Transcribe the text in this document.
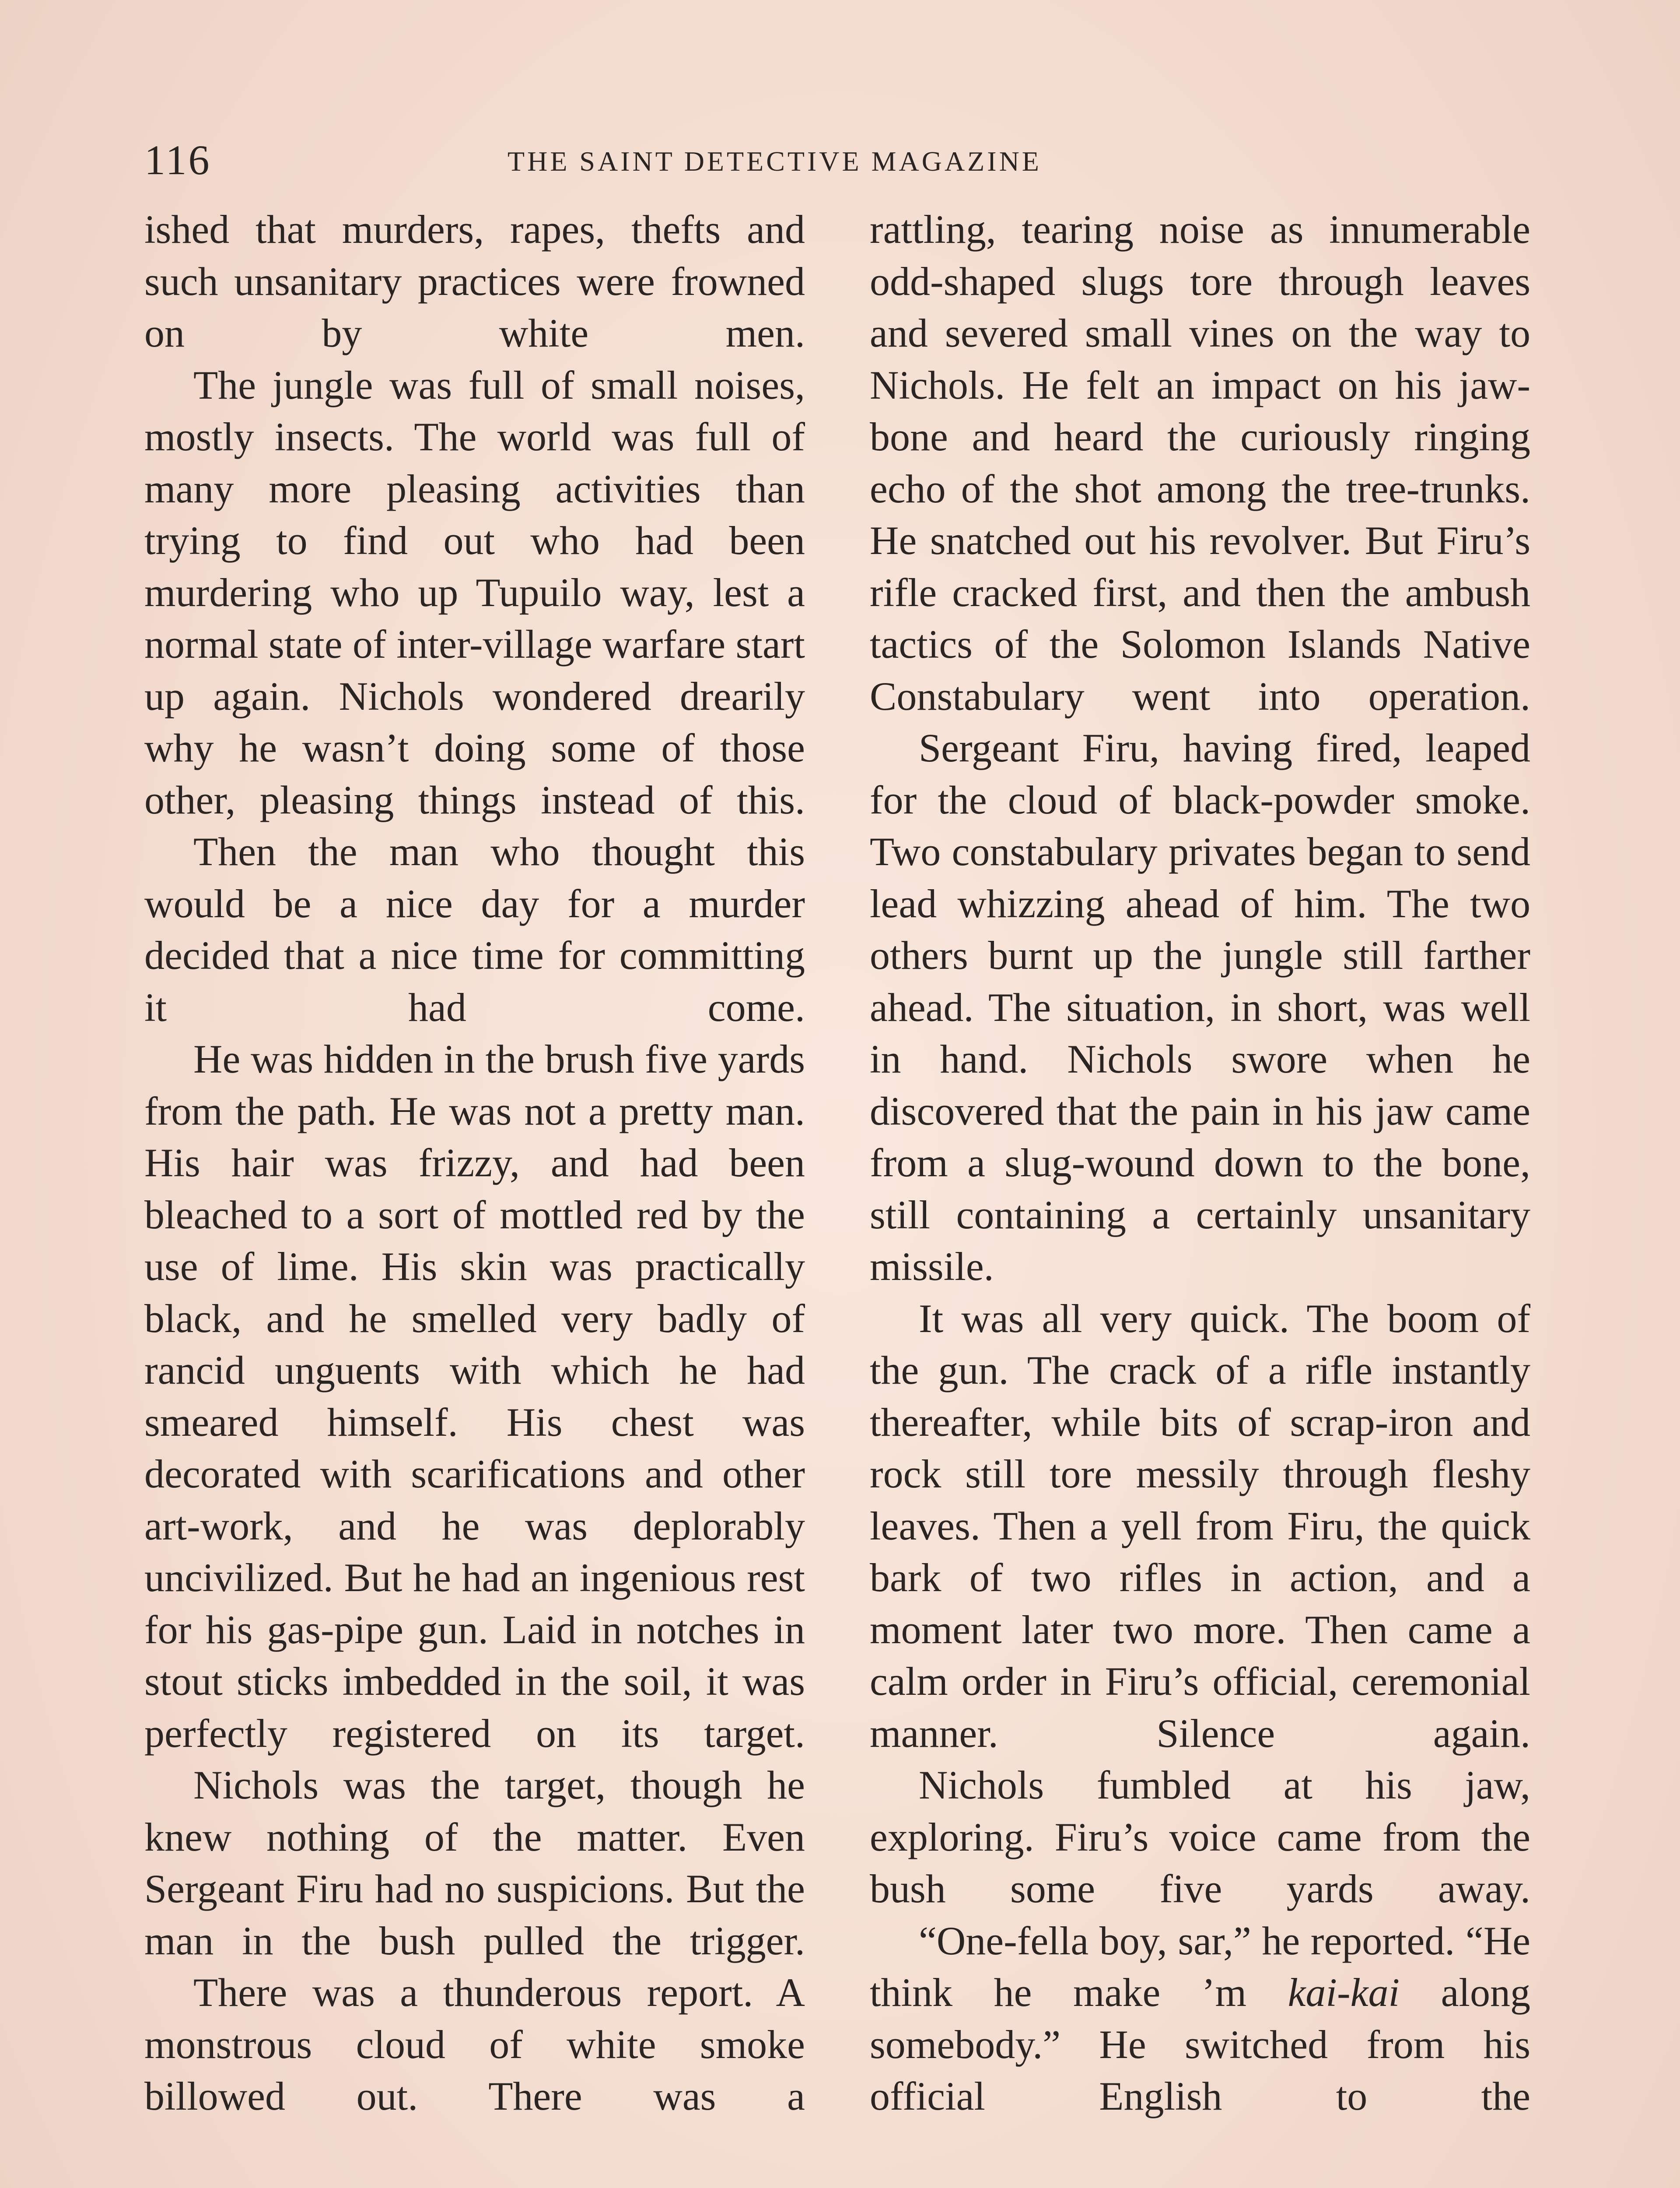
116	THE SAINT DETECTIVE MAGAZINE

ished that murders, rapes, thefts and such unsanitary practices were frowned on by white men.

The jungle was full of small noises, mostly insects. The world was full of many more pleasing activities than trying to find out who had been murdering who up Tupuilo way, lest a normal state of inter-village warfare start up again. Nichols wondered drearily why he wasn’t doing some of those other, pleasing things instead of this.

Then the man who thought this would be a nice day for a murder decided that a nice time for committing it had come.

He was hidden in the brush five yards from the path. He was not a pretty man. His hair was frizzy, and had been bleached to a sort of mottled red by the use of lime. His skin was practically black, and he smelled very badly of rancid unguents with which he had smeared himself. His chest was decorated with scarifications and other art-work, and he was deplorably uncivilized. But he had an ingenious rest for his gas-pipe gun. Laid in notches in stout sticks imbedded in the soil, it was perfectly registered on its target.

Nichols was the target, though he knew nothing of the matter. Even Sergeant Firu had no suspicions. But the man in the bush pulled the trigger.

There was a thunderous report. A monstrous cloud of white smoke billowed out. There was a

rattling, tearing noise as innumerable odd-shaped slugs tore through leaves and severed small vines on the way to Nichols. He felt an impact on his jaw-bone and heard the curiously ringing echo of the shot among the tree-trunks. He snatched out his revolver. But Firu’s rifle cracked first, and then the ambush tactics of the Solomon Islands Native Constabulary went into operation.

Sergeant Firu, having fired, leaped for the cloud of black-powder smoke. Two constabulary privates began to send lead whizzing ahead of him. The two others burnt up the jungle still farther ahead. The situation, in short, was well in hand. Nichols swore when he discovered that the pain in his jaw came from a slug-wound down to the bone, still containing a certainly unsanitary missile.

It was all very quick. The boom of the gun. The crack of a rifle instantly thereafter, while bits of scrap-iron and rock still tore messily through fleshy leaves. Then a yell from Firu, the quick bark of two rifles in action, and a moment later two more. Then came a calm order in Firu’s official, ceremonial manner. Silence again.

Nichols fumbled at his jaw, exploring. Firu’s voice came from the bush some five yards away.

“One-fella boy, sar,” he reported. “He think he make ’m kai-kai along somebody.” He switched from his official English to the
